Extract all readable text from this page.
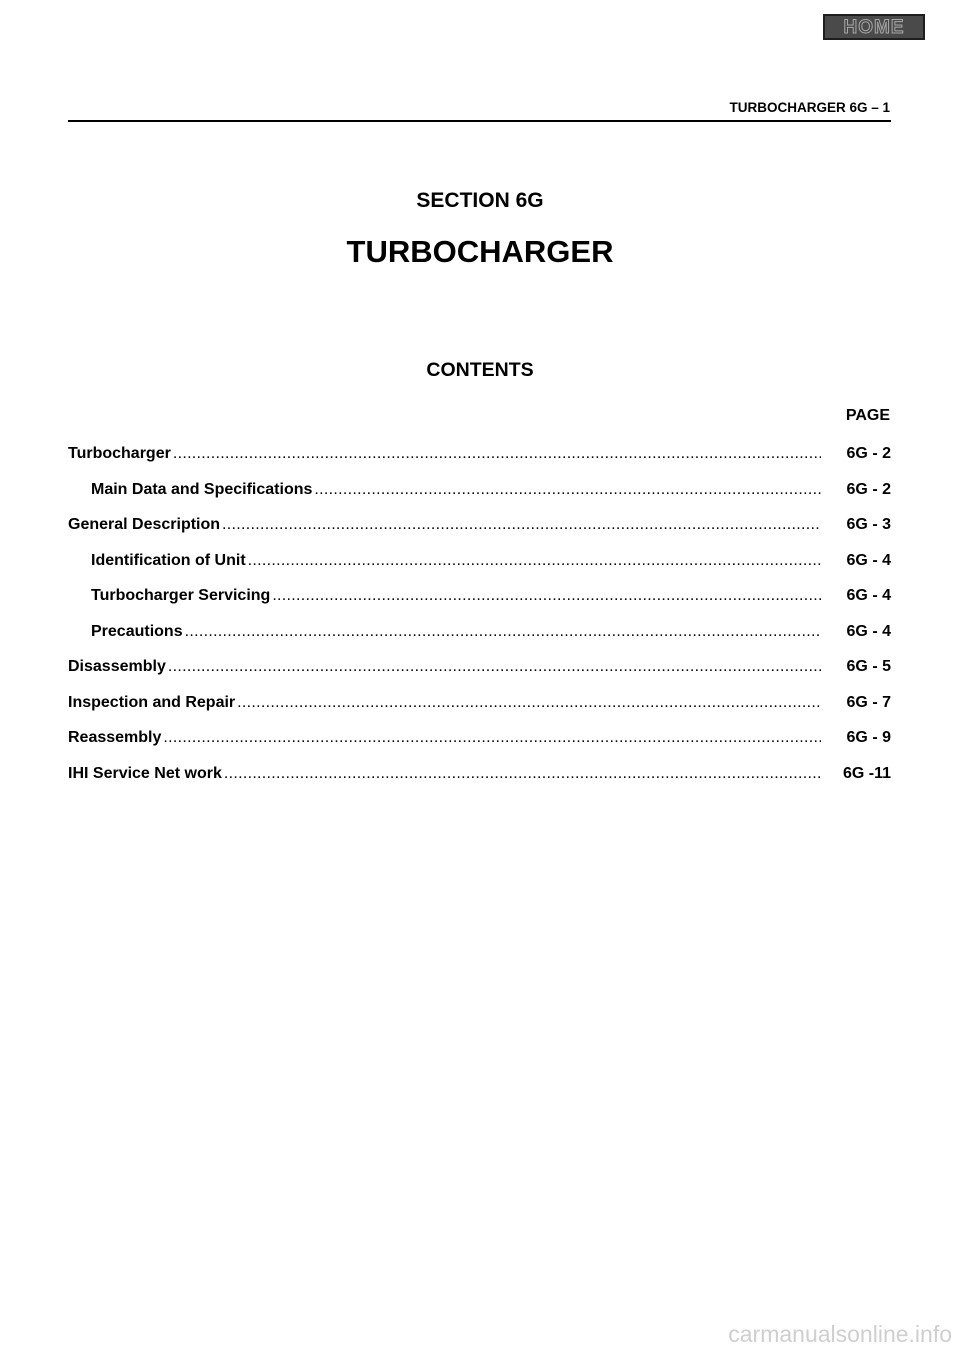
HOME
TURBOCHARGER 6G – 1
SECTION 6G
TURBOCHARGER
CONTENTS
PAGE
Turbocharger .....	6G - 2
Main Data and Specifications .....	6G - 2
General Description .....	6G - 3
Identification of Unit .....	6G - 4
Turbocharger Servicing .....	6G - 4
Precautions .....	6G - 4
Disassembly .....	6G - 5
Inspection and Repair .....	6G - 7
Reassembly .....	6G - 9
IHI Service Net work .....	6G -11
carmanualsonline.info
